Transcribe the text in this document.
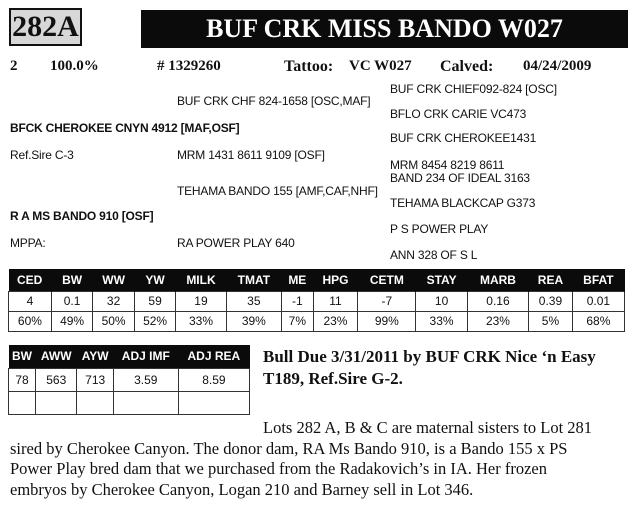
282A	BUF CRK MISS BANDO W027
2 100.0%	# 1329260	Tattoo: VC W027 Calved: 04/24/2009
BUF CRK CHIEF092-824 [OSC]
BUF CRK CHF 824-1658 [OSC,MAF]
BFLO CRK CARIE VC473
BFCK CHEROKEE CNYN 4912 [MAF,OSF]
BUF CRK CHEROKEE1431
Ref.Sire C-3	MRM 1431 8611 9109 [OSF]
MRM 8454 8219 8611
BAND 234 OF IDEAL 3163
TEHAMA BANDO 155 [AMF,CAF,NHF]
TEHAMA BLACKCAP G373
R A MS BANDO 910 [OSF]
P S POWER PLAY
MPPA:	RA POWER PLAY 640
ANN 328 OF S L
CED	BW	WW	YW	MILK	TMAT	ME	HPG	CETM	STAY	MARB	REA	BFAT
4	0.1	32	59	19	35	-1	11	-7	10	0.16	0.39	0.01
60%	49%	50%	52%	33%	39%	7%	23%	99%	33%	23%	5%	68%
BW	AWW	AYW	ADJ IMF	ADJ REA
78	563	713	3.59	8.59

Bull Due 3/31/2011 by BUF CRK Nice ‘n Easy T189, Ref.Sire G-2.
Lots 282 A, B & C are maternal sisters to Lot 281
sired by Cherokee Canyon. The donor dam, RA Ms Bando 910, is a Bando 155 x PS
Power Play bred dam that we purchased from the Radakovich’s in IA. Her frozen
embryos by Cherokee Canyon, Logan 210 and Barney sell in Lot 346.
